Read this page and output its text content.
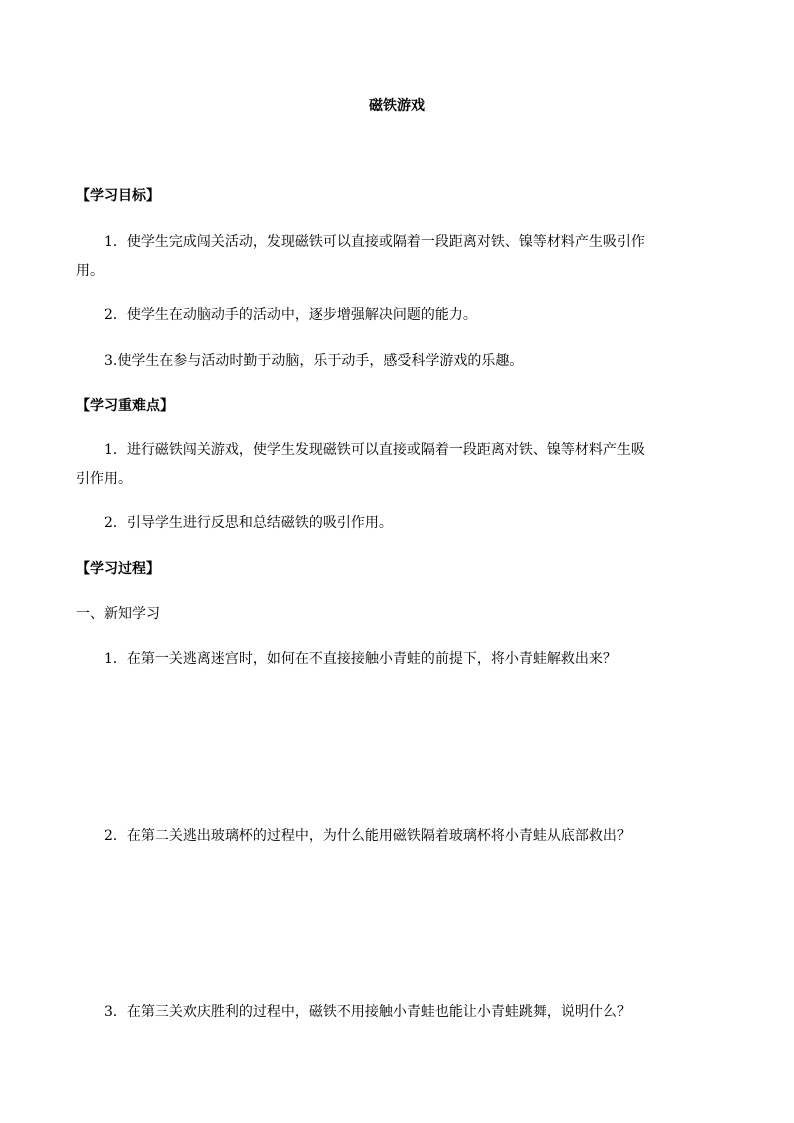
磁铁游戏
【学习目标】
1．使学生完成闯关活动，发现磁铁可以直接或隔着一段距离对铁、镍等材料产生吸引作
用。
2．使学生在动脑动手的活动中，逐步增强解决问题的能力。
3.使学生在参与活动时勤于动脑，乐于动手，感受科学游戏的乐趣。
【学习重难点】
1．进行磁铁闯关游戏，使学生发现磁铁可以直接或隔着一段距离对铁、镍等材料产生吸
引作用。
2．引导学生进行反思和总结磁铁的吸引作用。
【学习过程】
一、新知学习
1．在第一关逃离迷宫时，如何在不直接接触小青蛙的前提下，将小青蛙解救出来？
2．在第二关逃出玻璃杯的过程中，为什么能用磁铁隔着玻璃杯将小青蛙从底部救出？
3．在第三关欢庆胜利的过程中，磁铁不用接触小青蛙也能让小青蛙跳舞，说明什么？
